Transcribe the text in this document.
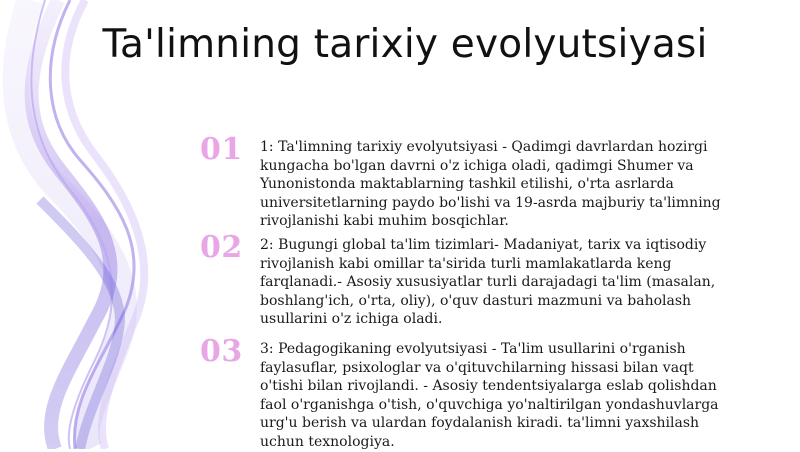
Ta'limning tarixiy evolyutsiyasi
01	1: Ta'limning tarixiy evolyutsiyasi - Qadimgi davrlardan hozirgi kungacha bo'lgan davrni o'z ichiga oladi, qadimgi Shumer va Yunonistonda maktablarning tashkil etilishi, o'rta asrlarda universitetlarning paydo bo'lishi va 19-asrda majburiy ta'limning rivojlanishi kabi muhim bosqichlar.
02	2: Bugungi global ta'lim tizimlari- Madaniyat, tarix va iqtisodiy rivojlanish kabi omillar ta'sirida turli mamlakatlarda keng farqlanadi.- Asosiy xususiyatlar turli darajadagi ta'lim (masalan, boshlang'ich, o'rta, oliy), o'quv dasturi mazmuni va baholash usullarini o'z ichiga oladi.
03	3: Pedagogikaning evolyutsiyasi - Ta'lim usullarini o'rganish faylasuflar, psixologlar va o'qituvchilarning hissasi bilan vaqt o'tishi bilan rivojlandi. - Asosiy tendentsiyalarga eslab qolishdan faol o'rganishga o'tish, o'quvchiga yo'naltirilgan yondashuvlarga urg'u berish va ulardan foydalanish kiradi. ta'limni yaxshilash uchun texnologiya.
